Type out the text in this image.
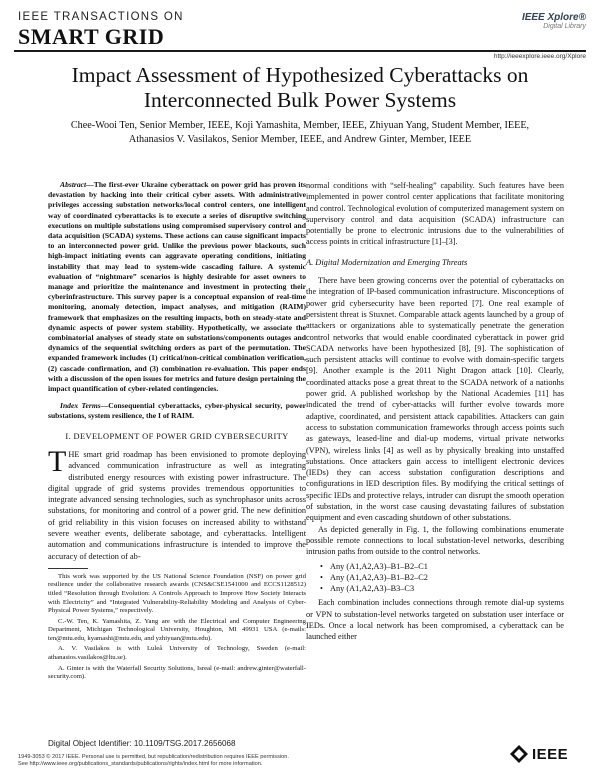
IEEE TRANSACTIONS ON
SMART GRID
IEEE Xplore®
Digital Library
http://ieeexplore.ieee.org/Xplore
Impact Assessment of Hypothesized Cyberattacks on Interconnected Bulk Power Systems
Chee-Wooi Ten, Senior Member, IEEE, Koji Yamashita, Member, IEEE, Zhiyuan Yang, Student Member, IEEE,
Athanasios V. Vasilakos, Senior Member, IEEE, and Andrew Ginter, Member, IEEE

Abstract—The first-ever Ukraine cyberattack on power grid has proven its devastation by hacking into their critical cyber assets. With administrative privileges accessing substation networks/local control centers, one intelligent way of coordinated cyberattacks is to execute a series of disruptive switching executions on multiple substations using compromised supervisory control and data acquisition (SCADA) systems. These actions can cause significant impacts to an interconnected power grid. Unlike the previous power blackouts, such high-impact initiating events can aggravate operating conditions, initiating instability that may lead to system-wide cascading failure. A systemic evaluation of “nightmare” scenarios is highly desirable for asset owners to manage and prioritize the maintenance and investment in protecting their cyberinfrastructure. This survey paper is a conceptual expansion of real-time monitoring, anomaly detection, impact analyses, and mitigation (RAIM) framework that emphasizes on the resulting impacts, both on steady-state and dynamic aspects of power system stability. Hypothetically, we associate the combinatorial analyses of steady state on substations/components outages and dynamics of the sequential switching orders as part of the permutation. The expanded framework includes (1) critical/non-critical combination verification, (2) cascade confirmation, and (3) combination re-evaluation. This paper ends with a discussion of the open issues for metrics and future design pertaining the impact quantification of cyber-related contingencies.

Index Terms—Consequential cyberattacks, cyber-physical security, power substations, system resilience, the I of RAIM.

I. DEVELOPMENT OF POWER GRID CYBERSECURITY

THE smart grid roadmap has been envisioned to promote deploying advanced communication infrastructure as well as integrating distributed energy resources with existing power infrastructure. The digital upgrade of grid systems provides tremendous opportunities to integrate advanced sensing technologies, such as synchrophasor units across substations, for monitoring and control of a power grid. The new definition of grid reliability in this vision focuses on increased ability to withstand severe weather events, deliberate sabotage, and cyberattacks. Intelligent automation and communications infrastructure is intended to improve the accuracy of detection of ab-

This work was supported by the US National Science Foundation (NSF) on power grid resilience under the collaborative research awards (CNS&CSE1541000 and ECCS1128512) titled “Resolution through Evolution: A Controls Approach to Improve How Society Interacts with Electricity” and “Integrated Vulnerability-Reliability Modeling and Analysis of Cyber-Physical Power Systems,” respectively.

C.-W. Ten, K. Yamashita, Z. Yang are with the Electrical and Computer Engineering Department, Michigan Technological University, Houghton, MI 49931 USA (e-mails: ten@mtu.edu, kyamashi@mtu.edu, and yzhiyuan@mtu.edu).

A. V. Vasilakos is with Luleå University of Technology, Sweden (e-mail: athanasios.vasilakos@ltu.se).

A. Ginter is with the Waterfall Security Solutions, Isreal (e-mail: andrew.ginter@waterfall-security.com).

normal conditions with “self-healing” capability. Such features have been implemented in power control center applications that facilitate monitoring and control. Technological evolution of computerized management system on supervisory control and data acquisition (SCADA) infrastructure can potentially be prone to electronic intrusions due to the vulnerabilities of access points in critical infrastructure [1]–[3].

A. Digital Modernization and Emerging Threats

There have been growing concerns over the potential of cyberattacks on the integration of IP-based communication infrastructure. Misconceptions of power grid cybersecurity have been reported [7]. One real example of persistent threat is Stuxnet. Comparable attack agents launched by a group of attackers or organizations able to systematically penetrate the generation control networks that would enable coordinated cyberattack in power grid SCADA networks have been hypothesized [8], [9]. The sophistication of such persistent attacks will continue to evolve with domain-specific targets [9]. Another example is the 2011 Night Dragon attack [10]. Clearly, coordinated attacks pose a great threat to the SCADA network of a nationhs power grid. A published workshop by the National Academies [11] has indicated the trend of cyber-attacks will further evolve towards more adaptive, coordinated, and persistent attack capabilities. Attackers can gain access to substation communication frameworks through access points such as gateways, leased-line and dial-up modems, virtual private networks (VPN), wireless links [4] as well as by physically breaking into unstaffed substations. Once attackers gain access to intelligent electronic devices (IEDs) they can access substation configuration descriptions and configurations in IED description files. By modifying the critical settings of specific IEDs and protective relays, intruder can disrupt the smooth operation of substation, in the worst case causing devastating failures of substation equipment and even cascading shutdown of other substations.

As depicted generally in Fig. 1, the following combinations enumerate possible remote connections to local substation-level networks, describing intrusion paths from outside to the control networks.

• Any (A1,A2,A3)–B1–B2–C1
• Any (A1,A2,A3)–B1–B2–C2
• Any (A1,A2,A3)–B3–C3

Each combination includes connections through remote dial-up systems or VPN to substation-level networks targeted on substation user interface or IEDs. Once a local network has been compromised, a cyberattack can be launched either

Digital Object Identifier: 10.1109/TSG.2017.2656068
1949-3053 © 2017 IEEE. Personal use is permitted, but republication/redistribution requires IEEE permission.
See http://www.ieee.org/publications_standards/publications/rights/index.html for more information.
IEEE
